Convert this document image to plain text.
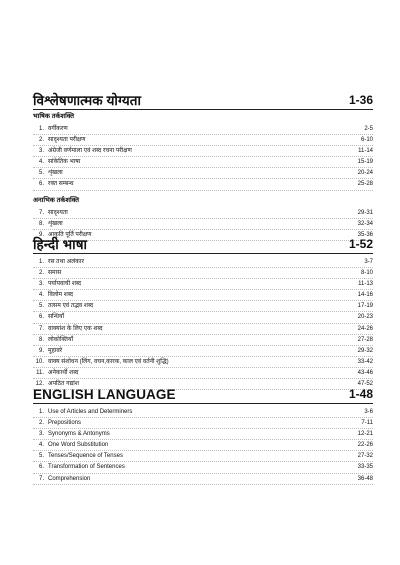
विश्लेषणात्मक योग्यता	1-36
भाषिक तर्कशक्ति
1. वर्गीकरण	2-5
2. सादृश्यता परीक्षण	6-10
3. अंग्रेजी वर्णमाला एवं शब्द रचना परीक्षण	11-14
4. सांकेतिक भाषा	15-19
5. शृंखला	20-24
6. रक्त सम्बन्ध	25-28
अनाभिक तर्कशक्ति
7. सादृश्यता	29-31
8. शृंखला	32-34
9. आकृति पूर्ति परीक्षण	35-36
हिन्दी भाषा	1-52
1. रस तथा अलंकार	3-7
2. समास	8-10
3. पर्यायवाची शब्द	11-13
4. विलोम शब्द	14-16
5. तत्सम एवं तद्भव शब्द	17-19
6. सन्धियाँ	20-23
7. वाक्यांश के लिए एक शब्द	24-26
8. लोकोक्तियाँ	27-28
9. मुहावरे	29-32
10. वाक्य संशोधन (लिंग, वचन,कारक, काल एवं वर्तनी शुद्धि)	33-42
11. अनेकार्थी शब्द	43-46
12. अपठित गद्यांश	47-52
ENGLISH LANGUAGE	1-48
1. Use of Articles and Determiners	3-6
2. Prepositions	7-11
3. Synonyms & Antonyms	12-21
4. One Word Substitution	22-26
5. Tenses/Sequence of Tenses	27-32
6. Transformation of Sentences	33-35
7. Comprehension	36-48
